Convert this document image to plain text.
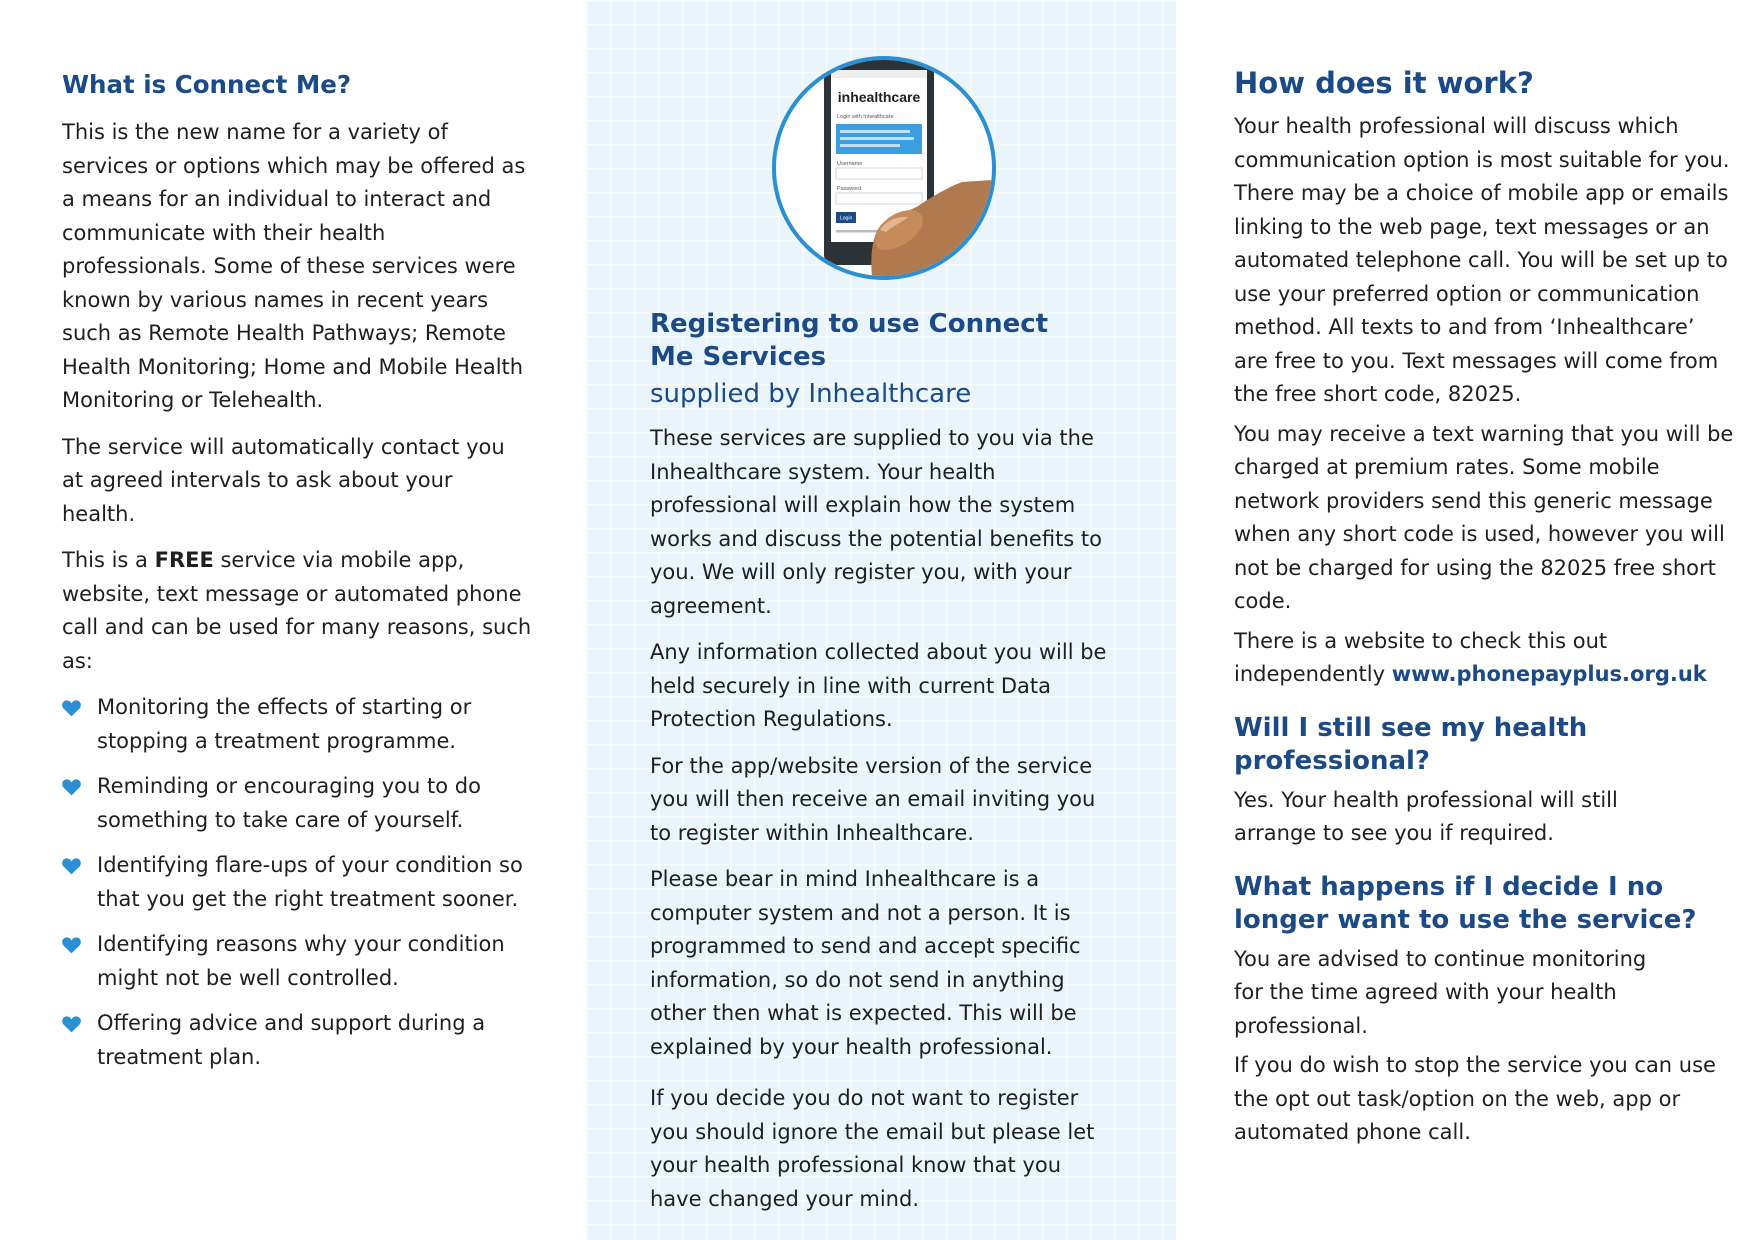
What is Connect Me?

This is the new name for a variety of services or options which may be offered as a means for an individual to interact and communicate with their health professionals. Some of these services were known by various names in recent years such as Remote Health Pathways; Remote Health Monitoring; Home and Mobile Health Monitoring or Telehealth.

The service will automatically contact you at agreed intervals to ask about your health.

This is a FREE service via mobile app, website, text message or automated phone call and can be used for many reasons, such as:

Monitoring the effects of starting or stopping a treatment programme.
Reminding or encouraging you to do something to take care of yourself.
Identifying flare-ups of your condition so that you get the right treatment sooner.
Identifying reasons why your condition might not be well controlled.
Offering advice and support during a treatment plan.
inhealthcare
Login with Inhealthcare
Username
Password
Login
Registering to use Connect Me Services
supplied by Inhealthcare

These services are supplied to you via the Inhealthcare system. Your health professional will explain how the system works and discuss the potential benefits to you. We will only register you, with your agreement.

Any information collected about you will be held securely in line with current Data Protection Regulations.

For the app/website version of the service you will then receive an email inviting you to register within Inhealthcare.

Please bear in mind Inhealthcare is a computer system and not a person. It is programmed to send and accept specific information, so do not send in anything other then what is expected. This will be explained by your health professional.

If you decide you do not want to register you should ignore the email but please let your health professional know that you have changed your mind.

How does it work?

Your health professional will discuss which communication option is most suitable for you. There may be a choice of mobile app or emails linking to the web page, text messages or an automated telephone call. You will be set up to use your preferred option or communication method. All texts to and from ‘Inhealthcare’ are free to you. Text messages will come from the free short code, 82025.

You may receive a text warning that you will be charged at premium rates. Some mobile network providers send this generic message when any short code is used, however you will not be charged for using the 82025 free short code.

There is a website to check this out independently www.phonepayplus.org.uk

Will I still see my health professional?

Yes. Your health professional will still arrange to see you if required.

What happens if I decide I no longer want to use the service?

You are advised to continue monitoring for the time agreed with your health professional.

If you do wish to stop the service you can use the opt out task/option on the web, app or automated phone call.
